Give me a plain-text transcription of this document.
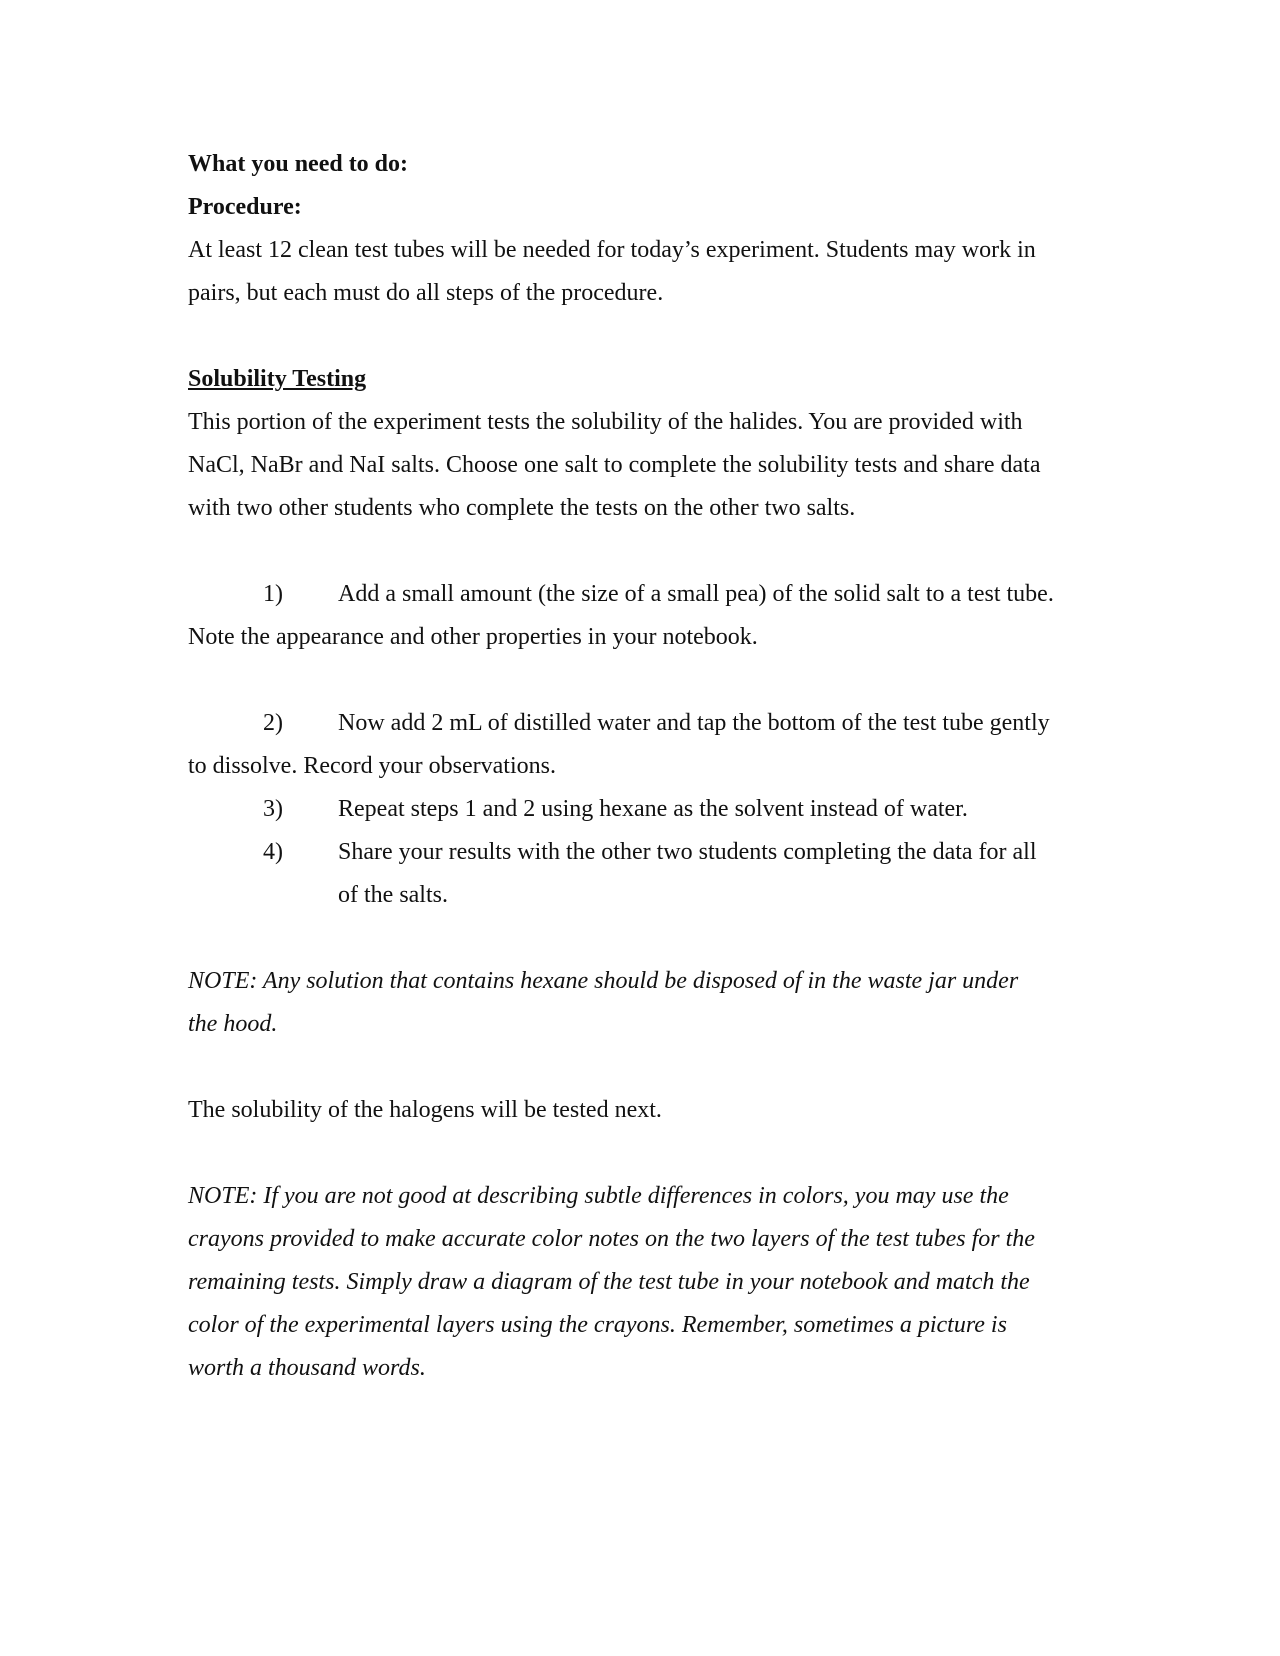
What you need to do:
Procedure:
At least 12 clean test tubes will be needed for today’s experiment. Students may work in
pairs, but each must do all steps of the procedure.
Solubility Testing
This portion of the experiment tests the solubility of the halides. You are provided with
NaCl, NaBr and NaI salts. Choose one salt to complete the solubility tests and share data
with two other students who complete the tests on the other two salts.
1) Add a small amount (the size of a small pea) of the solid salt to a test tube.
Note the appearance and other properties in your notebook.
2) Now add 2 mL of distilled water and tap the bottom of the test tube gently
to dissolve. Record your observations.
3) Repeat steps 1 and 2 using hexane as the solvent instead of water.
4) Share your results with the other two students completing the data for all
of the salts.
NOTE: Any solution that contains hexane should be disposed of in the waste jar under
the hood.
The solubility of the halogens will be tested next.
NOTE: If you are not good at describing subtle differences in colors, you may use the
crayons provided to make accurate color notes on the two layers of the test tubes for the
remaining tests. Simply draw a diagram of the test tube in your notebook and match the
color of the experimental layers using the crayons. Remember, sometimes a picture is
worth a thousand words.
